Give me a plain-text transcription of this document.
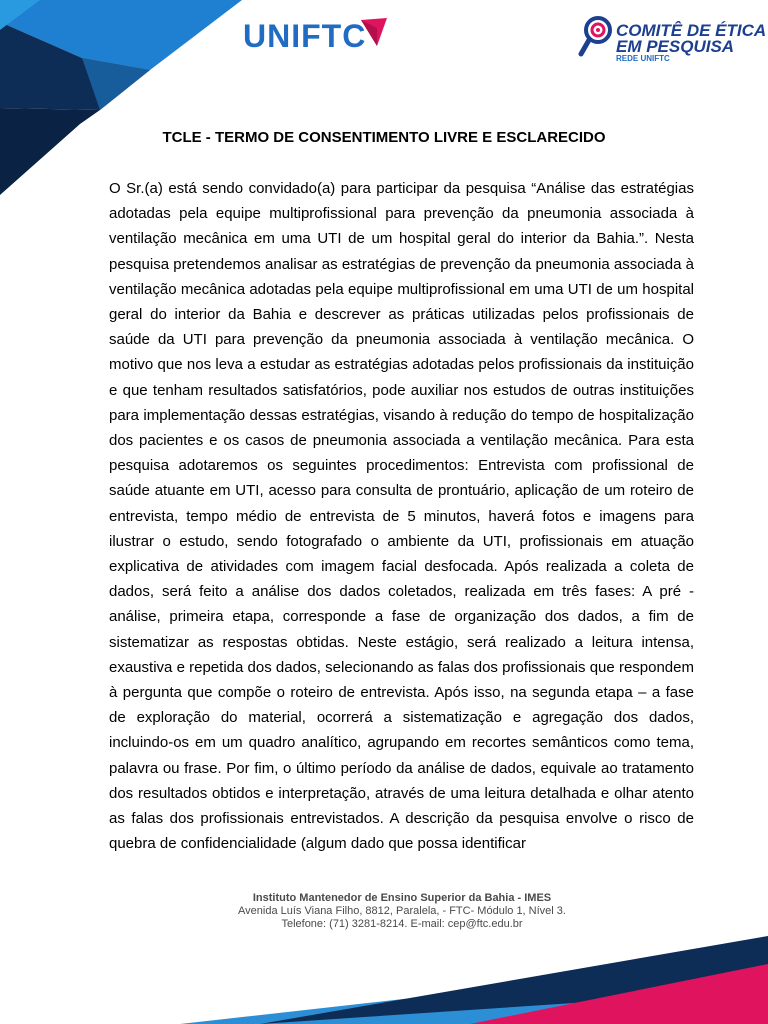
UNIFTC	COMITÊ DE ÉTICA
EM PESQUISA
REDE UNIFTC
TCLE - TERMO DE CONSENTIMENTO LIVRE E ESCLARECIDO

O Sr.(a) está sendo convidado(a) para participar da pesquisa “Análise das estratégias adotadas pela equipe multiprofissional para prevenção da pneumonia associada à ventilação mecânica em uma UTI de um hospital geral do interior da Bahia.”. Nesta pesquisa pretendemos analisar as estratégias de prevenção da pneumonia associada à ventilação mecânica adotadas pela equipe multiprofissional em uma UTI de um hospital geral do interior da Bahia e descrever as práticas utilizadas pelos profissionais de saúde da UTI para prevenção da pneumonia associada à ventilação mecânica. O motivo que nos leva a estudar as estratégias adotadas pelos profissionais da instituição e que tenham resultados satisfatórios, pode auxiliar nos estudos de outras instituições para implementação dessas estratégias, visando à redução do tempo de hospitalização dos pacientes e os casos de pneumonia associada a ventilação mecânica. Para esta pesquisa adotaremos os seguintes procedimentos: Entrevista com profissional de saúde atuante em UTI, acesso para consulta de prontuário, aplicação de um roteiro de entrevista, tempo médio de entrevista de 5 minutos, haverá fotos e imagens para ilustrar o estudo, sendo fotografado o ambiente da UTI, profissionais em atuação explicativa de atividades com imagem facial desfocada. Após realizada a coleta de dados, será feito a análise dos dados coletados, realizada em três fases: A pré - análise, primeira etapa, corresponde a fase de organização dos dados, a fim de sistematizar as respostas obtidas. Neste estágio, será realizado a leitura intensa, exaustiva e repetida dos dados, selecionando as falas dos profissionais que respondem à pergunta que compõe o roteiro de entrevista. Após isso, na segunda etapa – a fase de exploração do material, ocorrerá a sistematização e agregação dos dados, incluindo-os em um quadro analítico, agrupando em recortes semânticos como tema, palavra ou frase. Por fim, o último período da análise de dados, equivale ao tratamento dos resultados obtidos e interpretação, através de uma leitura detalhada e olhar atento as falas dos profissionais entrevistados. A descrição da pesquisa envolve o risco de quebra de confidencialidade (algum dado que possa identificar

Instituto Mantenedor de Ensino Superior da Bahia - IMES
Avenida Luís Viana Filho, 8812, Paralela, - FTC- Módulo 1, Nível 3.
Telefone: (71) 3281-8214. E-mail: cep@ftc.edu.br
